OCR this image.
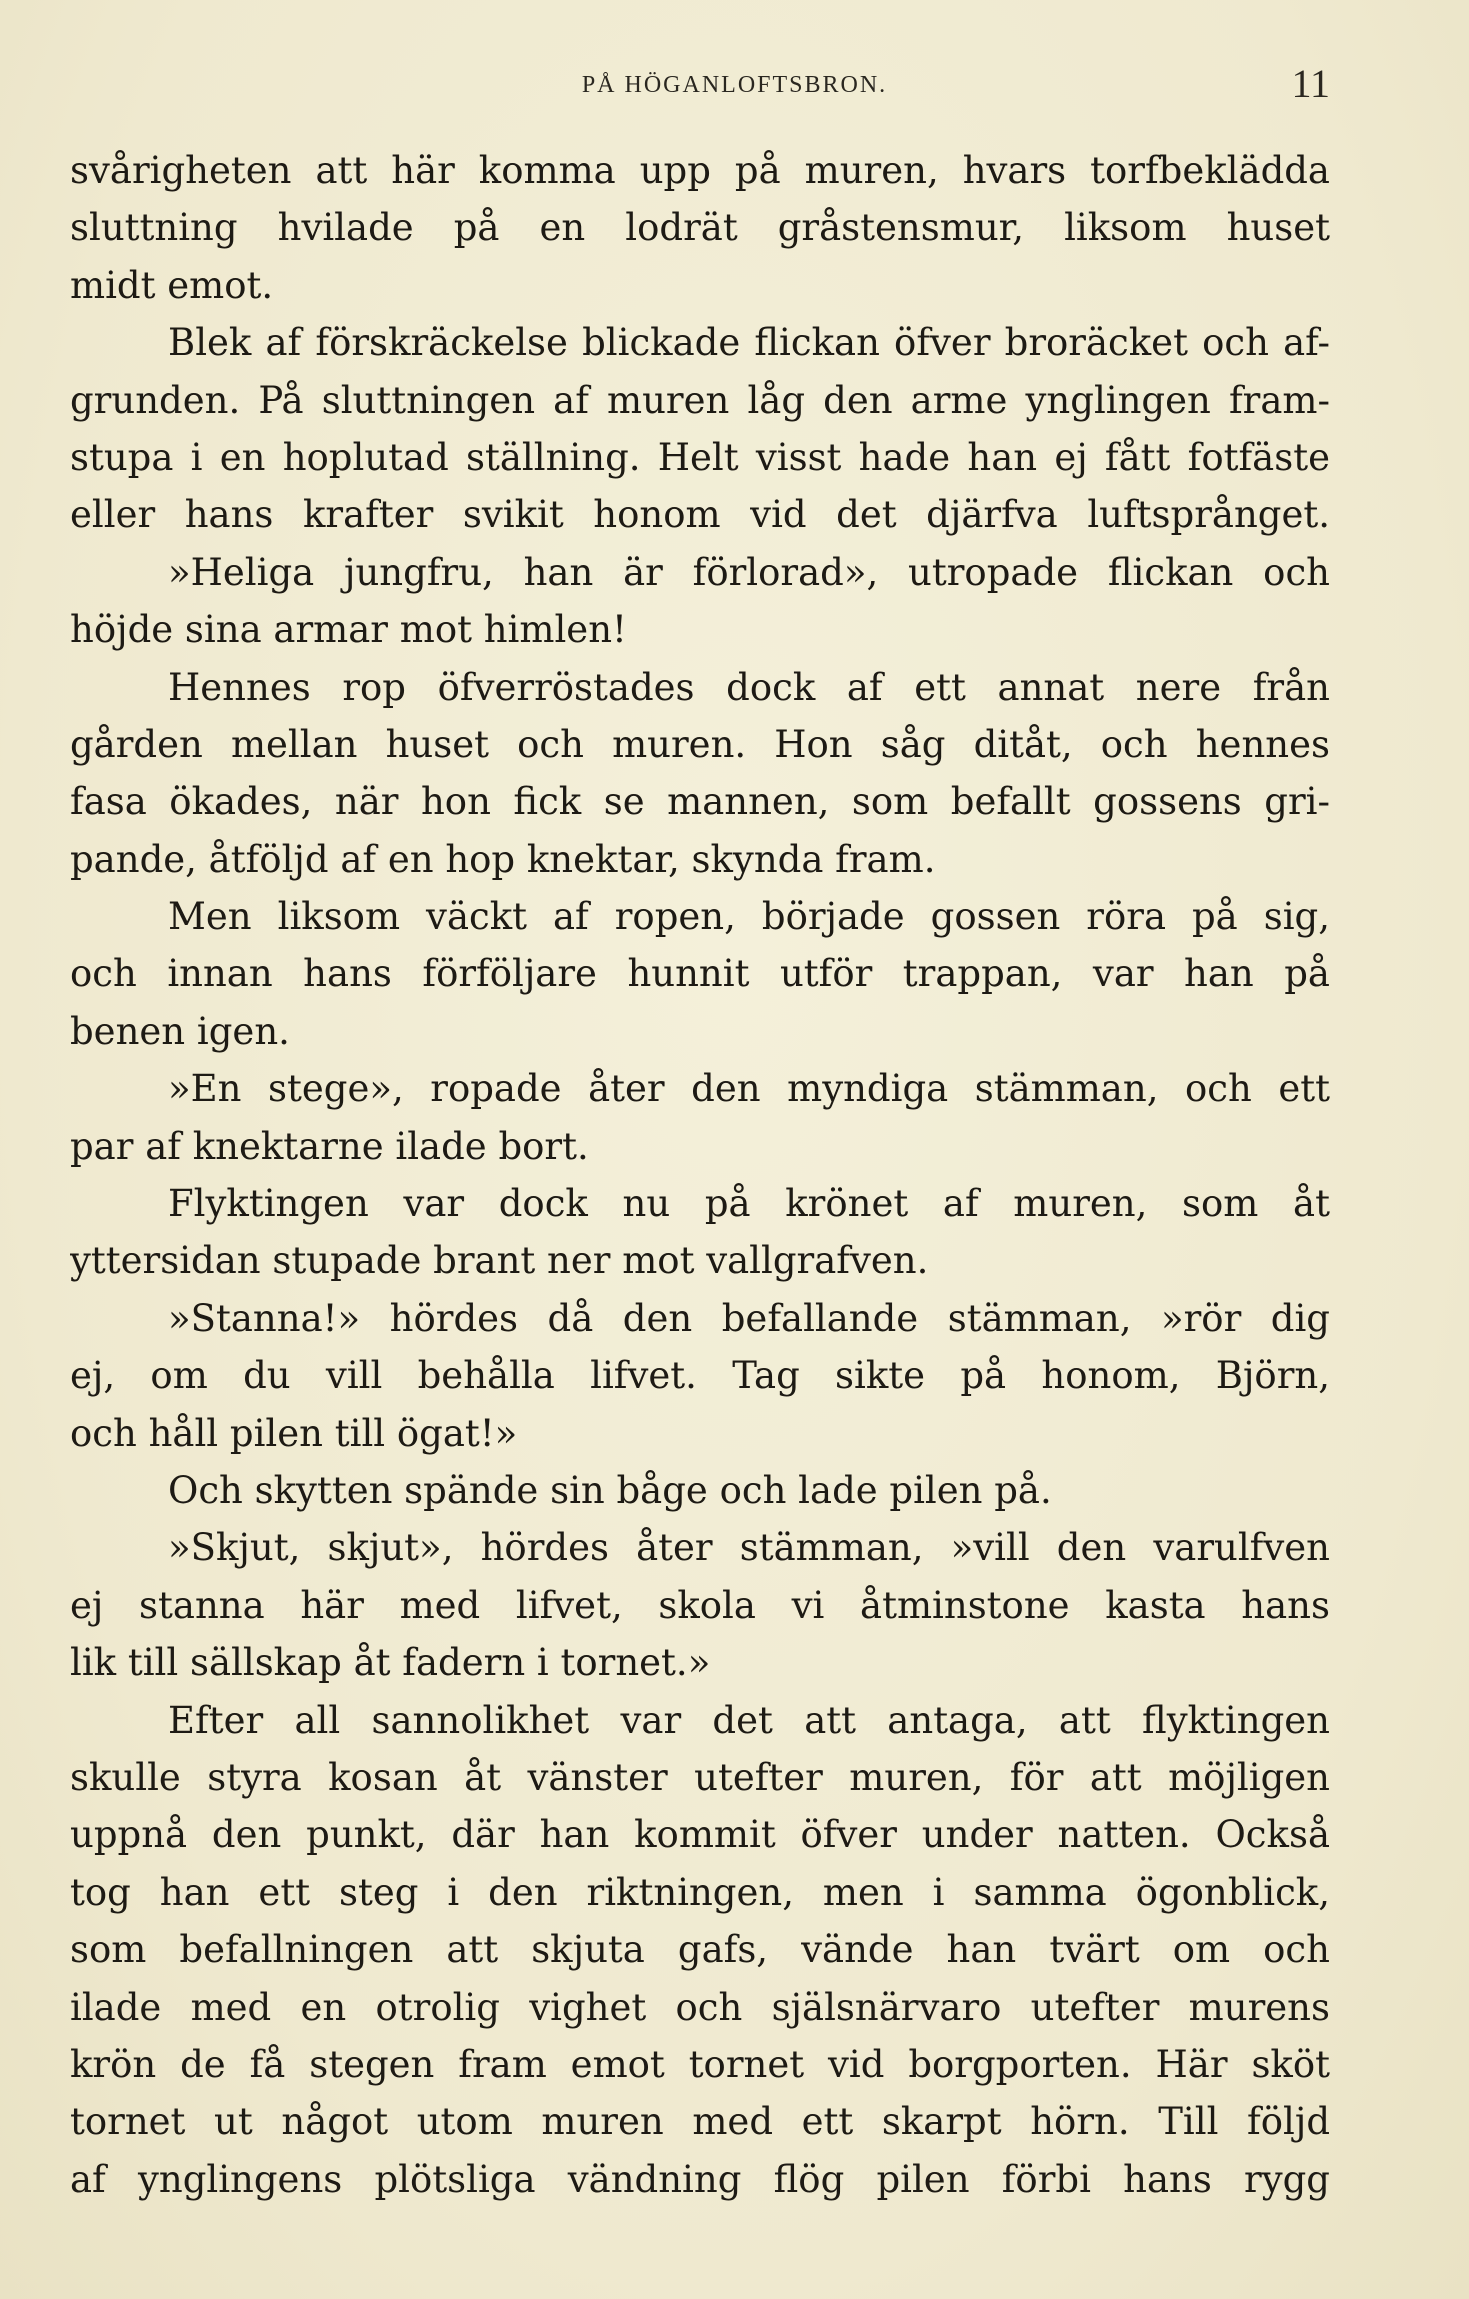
PÅ HÖGANLOFTSBRON.	11
svårigheten att här komma upp på muren, hvars torfbeklädda
sluttning hvilade på en lodrät gråstensmur, liksom huset
midt emot.
Blek af förskräckelse blickade flickan öfver broräcket och af-
grunden. På sluttningen af muren låg den arme ynglingen fram-
stupa i en hoplutad ställning. Helt visst hade han ej fått fotfäste
eller hans krafter svikit honom vid det djärfva luftsprånget.
»Heliga jungfru, han är förlorad», utropade flickan och
höjde sina armar mot himlen!
Hennes rop öfverröstades dock af ett annat nere från
gården mellan huset och muren. Hon såg ditåt, och hennes
fasa ökades, när hon fick se mannen, som befallt gossens gri-
pande, åtföljd af en hop knektar, skynda fram.
Men liksom väckt af ropen, började gossen röra på sig,
och innan hans förföljare hunnit utför trappan, var han på
benen igen.
»En stege», ropade åter den myndiga stämman, och ett
par af knektarne ilade bort.
Flyktingen var dock nu på krönet af muren, som åt
yttersidan stupade brant ner mot vallgrafven.
»Stanna!» hördes då den befallande stämman, »rör dig
ej, om du vill behålla lifvet. Tag sikte på honom, Björn,
och håll pilen till ögat!»
Och skytten spände sin båge och lade pilen på.
»Skjut, skjut», hördes åter stämman, »vill den varulfven
ej stanna här med lifvet, skola vi åtminstone kasta hans
lik till sällskap åt fadern i tornet.»
Efter all sannolikhet var det att antaga, att flyktingen
skulle styra kosan åt vänster utefter muren, för att möjligen
uppnå den punkt, där han kommit öfver under natten. Också
tog han ett steg i den riktningen, men i samma ögonblick,
som befallningen att skjuta gafs, vände han tvärt om och
ilade med en otrolig vighet och själsnärvaro utefter murens
krön de få stegen fram emot tornet vid borgporten. Här sköt
tornet ut något utom muren med ett skarpt hörn. Till följd
af ynglingens plötsliga vändning flög pilen förbi hans rygg
